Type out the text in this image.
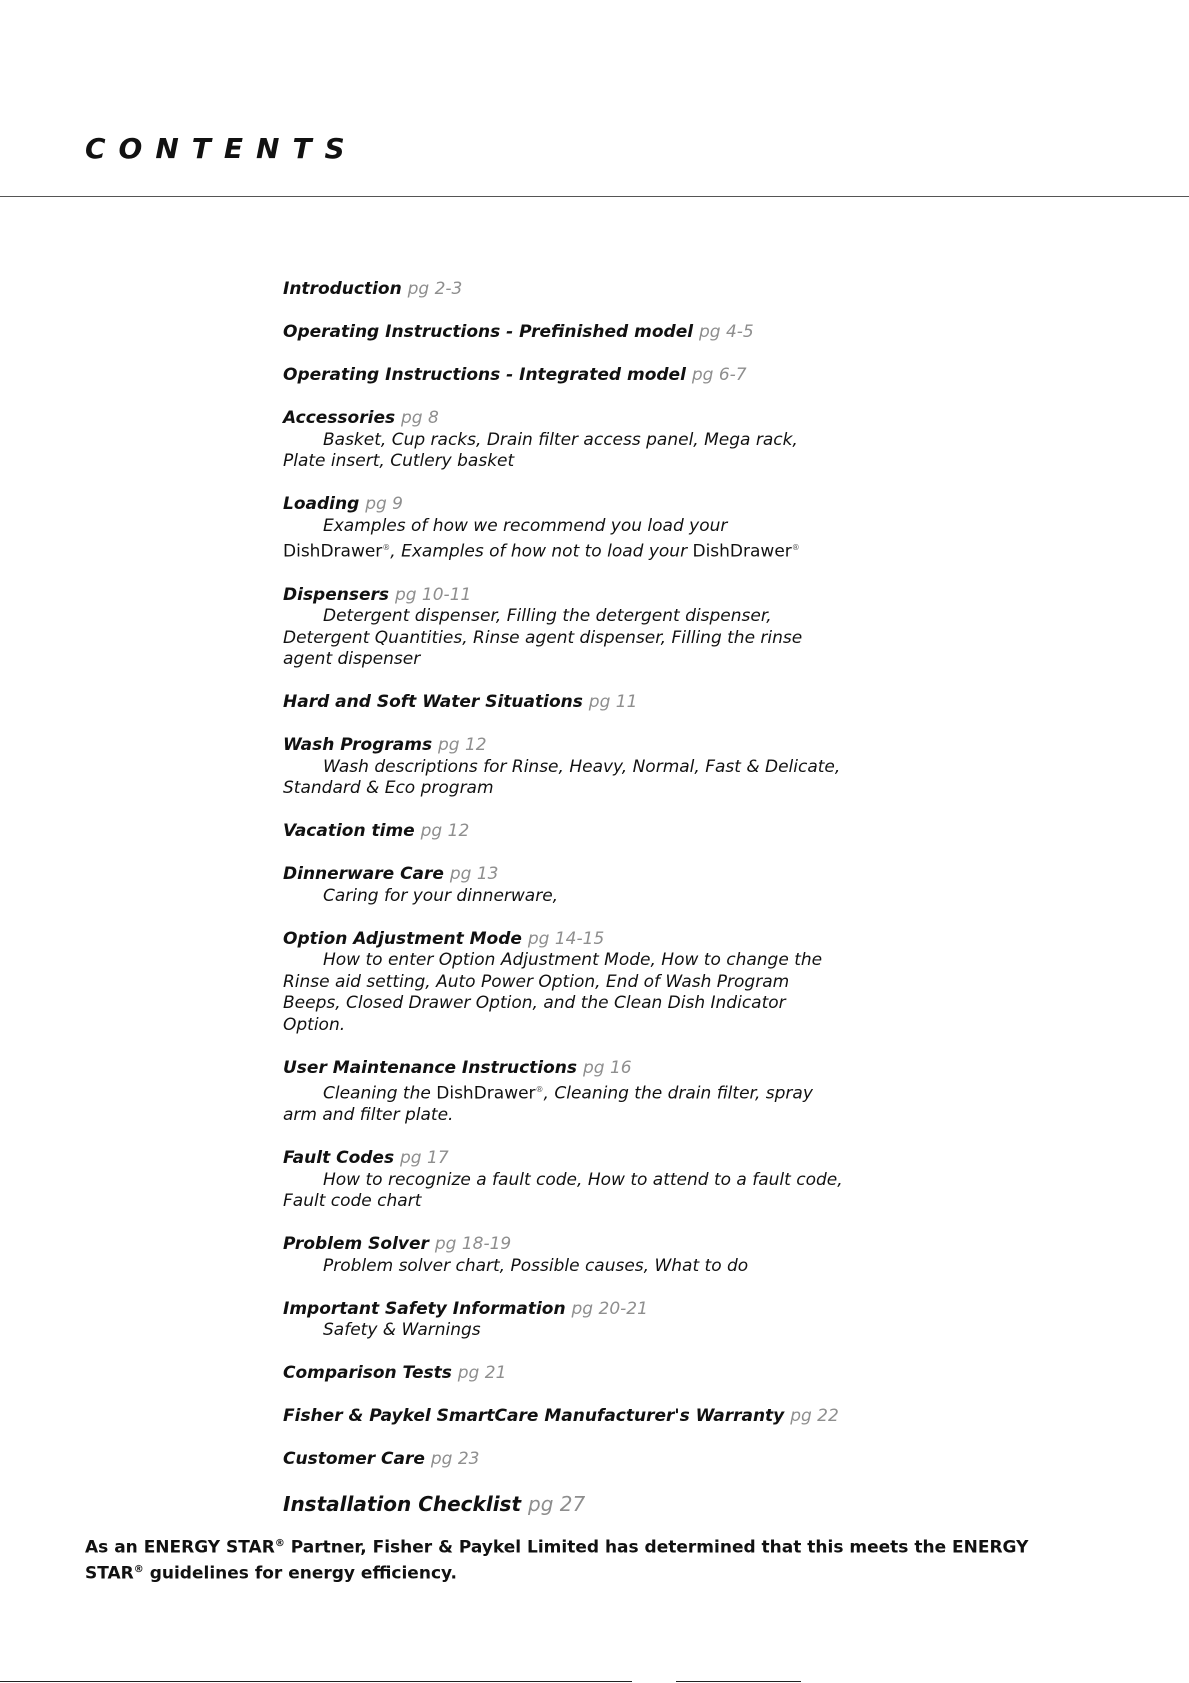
CONTENTS
Introduction pg 2-3
Operating Instructions - Prefinished model pg 4-5
Operating Instructions - Integrated model pg 6-7
Accessories pg 8

Basket, Cup racks, Drain filter access panel, Mega rack, Plate insert, Cutlery basket

Loading pg 9

Examples of how we recommend you load your DishDrawer®, Examples of how not to load your DishDrawer®

Dispensers pg 10-11

Detergent dispenser, Filling the detergent dispenser, Detergent Quantities, Rinse agent dispenser, Filling the rinse agent dispenser

Hard and Soft Water Situations pg 11
Wash Programs pg 12

Wash descriptions for Rinse, Heavy, Normal, Fast & Delicate, Standard & Eco program

Vacation time pg 12
Dinnerware Care pg 13

Caring for your dinnerware,

Option Adjustment Mode pg 14-15

How to enter Option Adjustment Mode, How to change the Rinse aid setting, Auto Power Option, End of Wash Program Beeps, Closed Drawer Option, and the Clean Dish Indicator Option.

User Maintenance Instructions pg 16

Cleaning the DishDrawer®, Cleaning the drain filter, spray arm and filter plate.

Fault Codes pg 17

How to recognize a fault code, How to attend to a fault code, Fault code chart

Problem Solver pg 18-19

Problem solver chart, Possible causes, What to do

Important Safety Information pg 20-21

Safety & Warnings

Comparison Tests pg 21
Fisher & Paykel SmartCare Manufacturer's Warranty pg 22
Customer Care pg 23
Installation Checklist pg 27

As an ENERGY STAR® Partner, Fisher & Paykel Limited has determined that this meets the ENERGY STAR® guidelines for energy efficiency.
